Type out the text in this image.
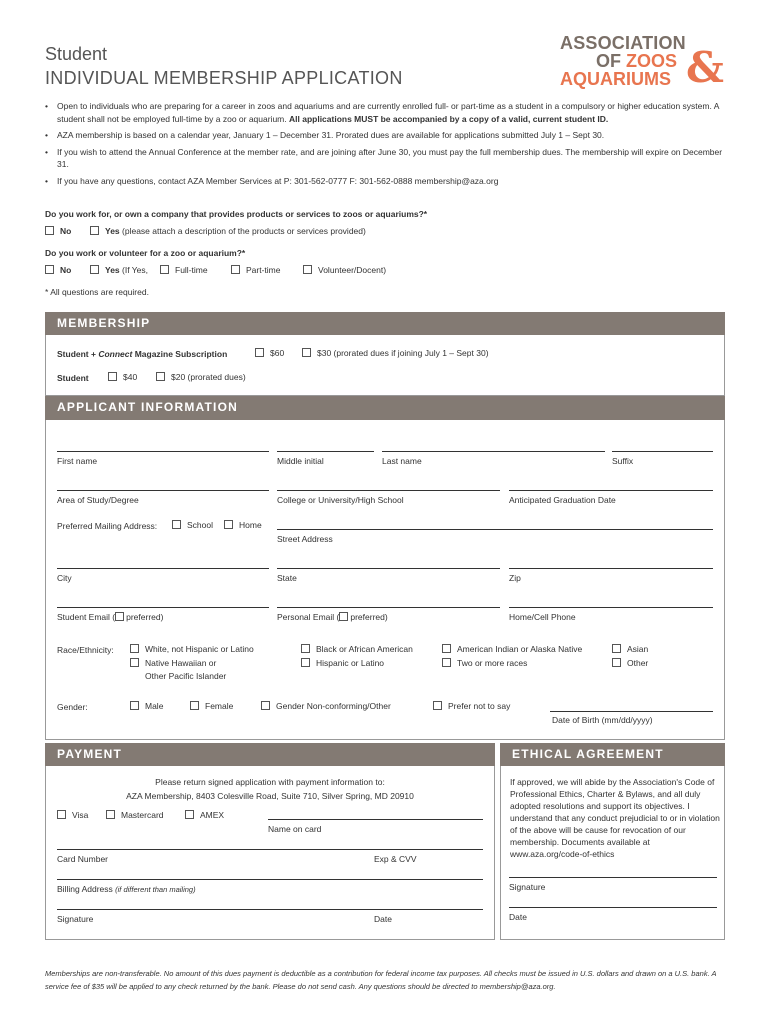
Student
INDIVIDUAL MEMBERSHIP APPLICATION
ASSOCIATION
OF ZOOS
AQUARIUMS &
• Open to individuals who are preparing for a career in zoos and aquariums and are currently enrolled full- or part-time as a student in a compulsory or higher education system. A student shall not be employed full-time by a zoo or aquarium. All applications MUST be accompanied by a copy of a valid, current student ID.
• AZA membership is based on a calendar year, January 1 – December 31. Prorated dues are available for applications submitted July 1 – Sept 30.
• If you wish to attend the Annual Conference at the member rate, and are joining after June 30, you must pay the full membership dues. The membership will expire on December 31.
• If you have any questions, contact AZA Member Services at P: 301-562-0777 F: 301-562-0888 membership@aza.org
Do you work for, or own a company that provides products or services to zoos or aquariums?*
No	Yes (please attach a description of the products or services provided)
Do you work or volunteer for a zoo or aquarium?*
No	Yes (If Yes,	Full-time	Part-time	Volunteer/Docent)
* All questions are required.
MEMBERSHIP
Student + Connect Magazine Subscription	$60	$30 (prorated dues if joining July 1 – Sept 30)
Student	$40	$20 (prorated dues)
APPLICANT INFORMATION
First name	Middle initial	Last name	Suffix
Area of Study/Degree	College or University/High School	Anticipated Graduation Date
Preferred Mailing Address:	School	Home
Street Address
City	State	Zip
Student Email ( preferred)	Personal Email ( preferred)	Home/Cell Phone
Race/Ethnicity:	White, not Hispanic or Latino
Native Hawaiian or
Other Pacific Islander
Black or African American
Hispanic or Latino
American Indian or Alaska Native
Two or more races
Asian
Other
Gender:	Male	Female	Gender Non-conforming/Other	Prefer not to say
Date of Birth (mm/dd/yyyy)
PAYMENT
Please return signed application with payment information to:
AZA Membership, 8403 Colesville Road, Suite 710, Silver Spring, MD 20910
Visa	Mastercard	AMEX
Name on card
Card Number	Exp & CVV
Billing Address (if different than mailing)
Signature	Date
ETHICAL AGREEMENT
If approved, we will abide by the Association's Code of Professional Ethics, Charter & Bylaws, and all duly adopted resolutions and support its objectives. I understand that any conduct prejudicial to or in violation of the above will be cause for revocation of our membership. Documents available at www.aza.org/code-of-ethics
Signature
Date
Memberships are non-transferable. No amount of this dues payment is deductible as a contribution for federal income tax purposes. All checks must be issued in U.S. dollars and drawn on a U.S. bank. A service fee of $35 will be applied to any check returned by the bank. Please do not send cash. Any questions should be directed to membership@aza.org.
